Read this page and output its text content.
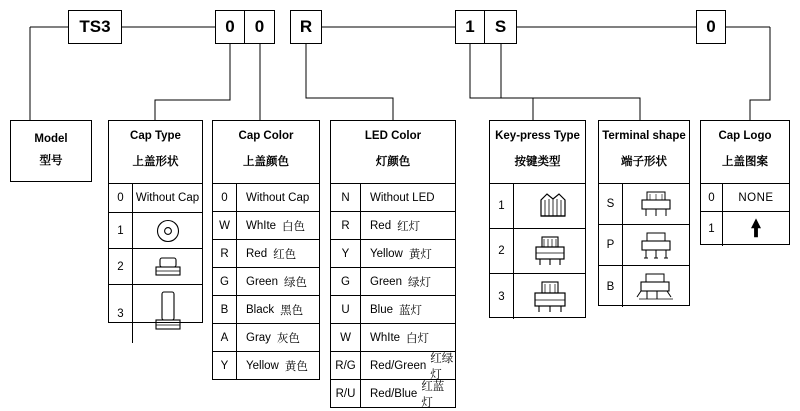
TS3	0 0 R	1 S	0
Model
型号
Cap Type
上盖形状
0	Without Cap
1
2
3
Cap Color
上盖颜色
0	Without Cap
W	WhIte 白色
R	Red 红色
G	Green 绿色
B	Black 黑色
A	Gray 灰色
Y	Yellow 黄色
LED Color
灯颜色
N	Without LED
R	Red 红灯
Y	Yellow 黄灯
G	Green 绿灯
U	Blue 蓝灯
W	WhIte 白灯
R/G	Red/Green
红绿灯
R/U	Red/Blue
红蓝灯
Key-press Type
按键类型
1
2
3
Terminal shape
端子形状
S
P
B
Cap Logo
上盖图案
0	NONE
1
